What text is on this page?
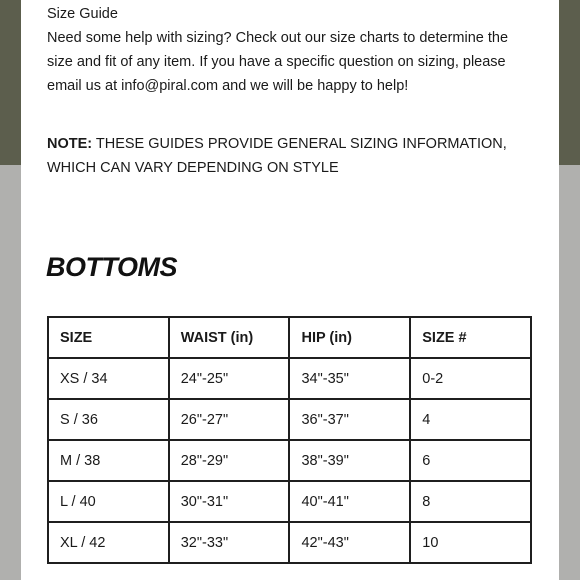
Size Guide

Need some help with sizing? Check out our size charts to determine the size and fit of any item. If you have a specific question on sizing, please email us at info@piral.com and we will be happy to help!

NOTE: THESE GUIDES PROVIDE GENERAL SIZING INFORMATION, WHICH CAN VARY DEPENDING ON STYLE
BOTTOMS
SIZE	WAIST (in)	HIP (in)	SIZE #
XS / 34	24"-25"	34"-35"	0-2
S / 36	26"-27"	36"-37"	4
M / 38	28"-29"	38"-39"	6
L / 40	30"-31"	40"-41"	8
XL / 42	32"-33"	42"-43"	10
